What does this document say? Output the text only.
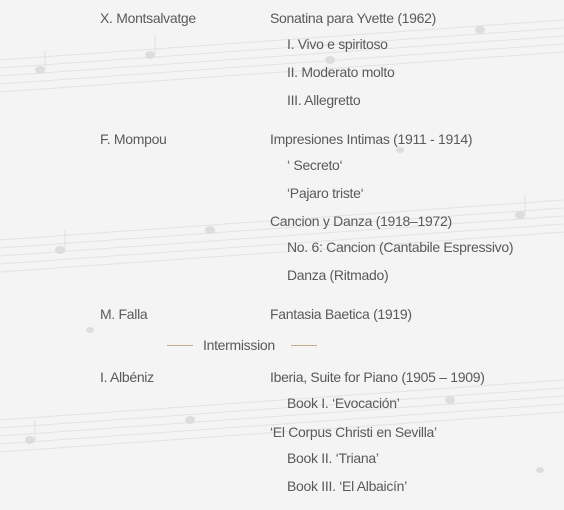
X. Montsalvatge	Sonatina para Yvette (1962)
I. Vivo e spiritoso
II. Moderato molto
III. Allegretto
F. Mompou	Impresiones Intimas (1911 - 1914)
‘ Secreto‘
‘Pajaro triste‘
Cancion y Danza (1918–1972)
No. 6: Cancion (Cantabile Espressivo)
Danza (Ritmado)
M. Falla	Fantasia Baetica (1919)
Intermission
I. Albéniz	Iberia, Suite for Piano (1905 – 1909)
Book I. ‘Evocación’
‘El Corpus Christi en Sevilla’
Book II. ‘Triana’
Book III. ‘El Albaicín’
